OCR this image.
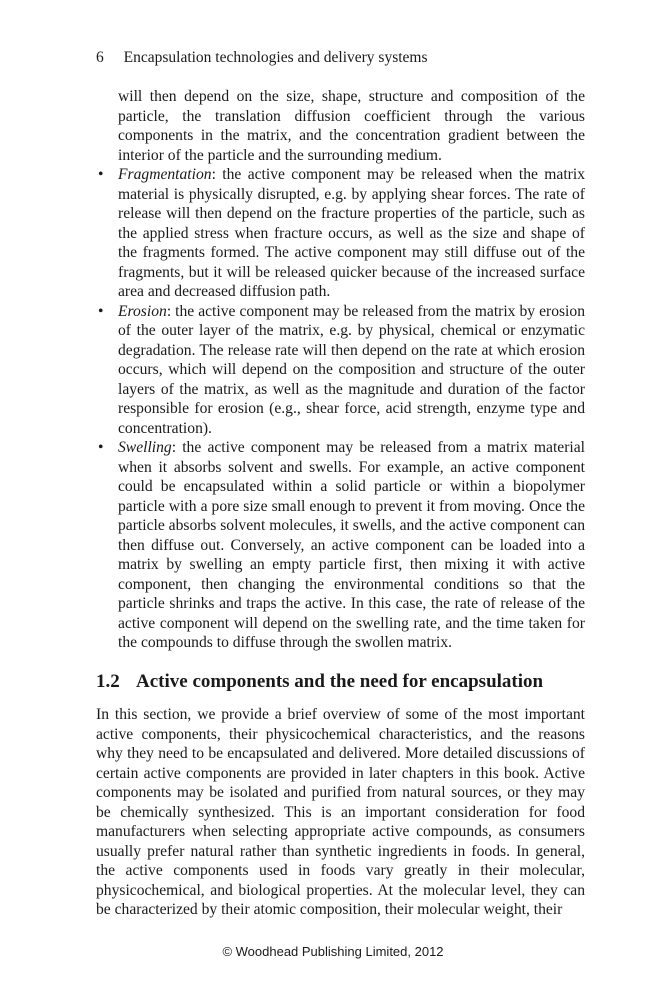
6 Encapsulation technologies and delivery systems

will then depend on the size, shape, structure and composition of the particle, the translation diffusion coefficient through the various components in the matrix, and the concentration gradient between the interior of the particle and the surrounding medium.

• Fragmentation: the active component may be released when the matrix material is physically disrupted, e.g. by applying shear forces. The rate of release will then depend on the fracture properties of the particle, such as the applied stress when fracture occurs, as well as the size and shape of the fragments formed. The active component may still diffuse out of the fragments, but it will be released quicker because of the increased surface area and decreased diffusion path.
• Erosion: the active component may be released from the matrix by erosion of the outer layer of the matrix, e.g. by physical, chemical or enzymatic degradation. The release rate will then depend on the rate at which erosion occurs, which will depend on the composition and structure of the outer layers of the matrix, as well as the magnitude and duration of the factor responsible for erosion (e.g., shear force, acid strength, enzyme type and concentration).
• Swelling: the active component may be released from a matrix material when it absorbs solvent and swells. For example, an active component could be encapsulated within a solid particle or within a biopolymer particle with a pore size small enough to prevent it from moving. Once the particle absorbs solvent molecules, it swells, and the active component can then diffuse out. Conversely, an active component can be loaded into a matrix by swelling an empty particle first, then mixing it with active component, then changing the environmental conditions so that the particle shrinks and traps the active. In this case, the rate of release of the active component will depend on the swelling rate, and the time taken for the compounds to diffuse through the swollen matrix.
1.2 Active components and the need for encapsulation

In this section, we provide a brief overview of some of the most important active components, their physicochemical characteristics, and the reasons why they need to be encapsulated and delivered. More detailed discussions of certain active components are provided in later chapters in this book. Active components may be isolated and purified from natural sources, or they may be chemically synthesized. This is an important consideration for food manufacturers when selecting appropriate active compounds, as consumers usually prefer natural rather than synthetic ingredients in foods. In general, the active components used in foods vary greatly in their molecular, physicochemical, and biological properties. At the molecular level, they can be characterized by their atomic composition, their molecular weight, their

© Woodhead Publishing Limited, 2012
